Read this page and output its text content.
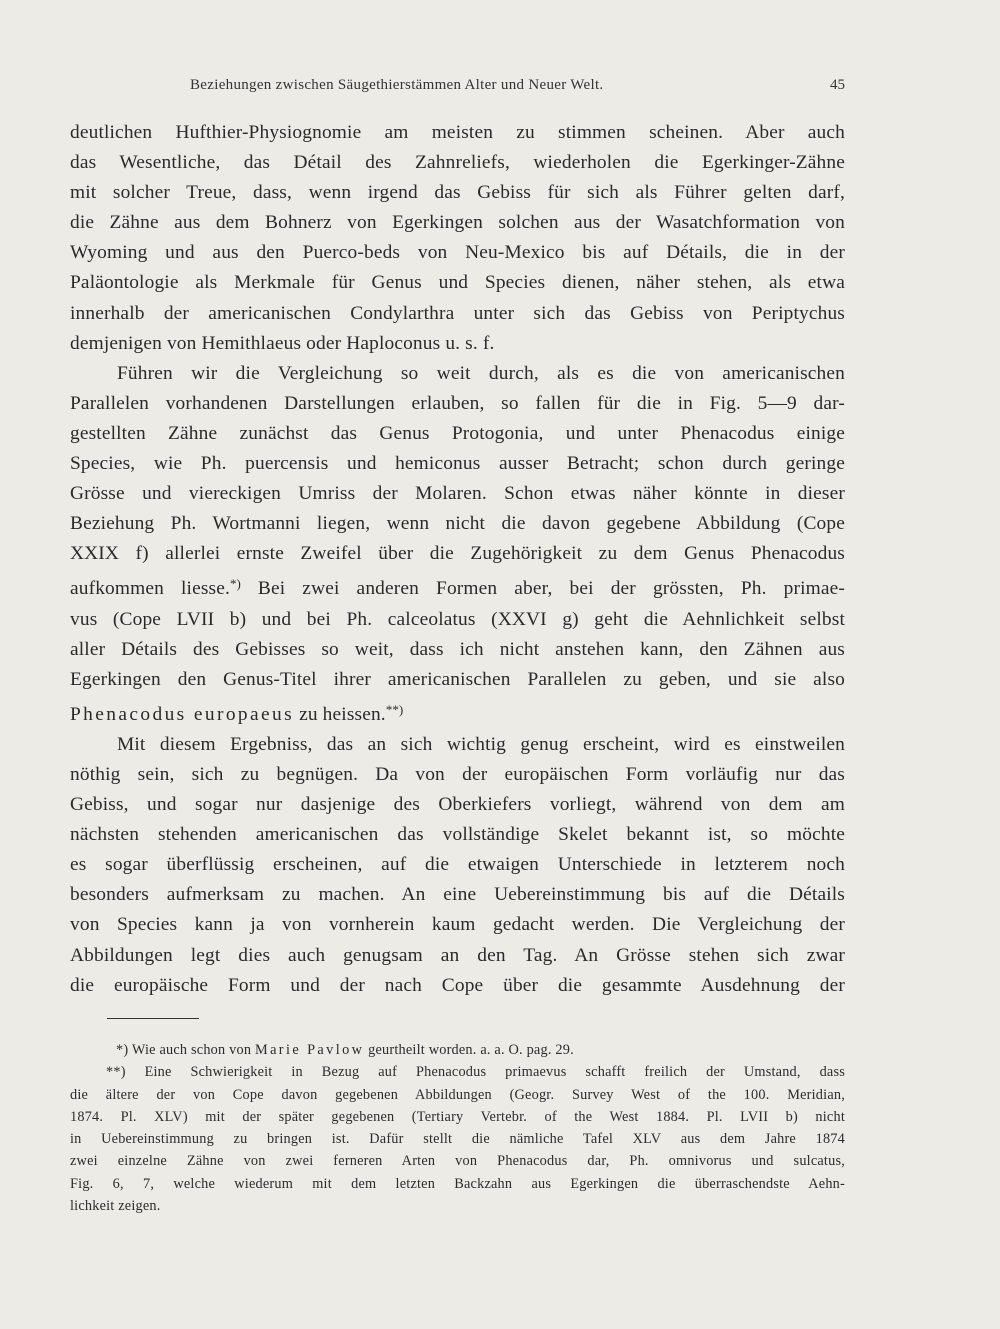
Beziehungen zwischen Säugethierstämmen Alter und Neuer Welt.	45
deutlichen Hufthier-Physiognomie am meisten zu stimmen scheinen. Aber auch
das Wesentliche, das Détail des Zahnreliefs, wiederholen die Egerkinger-Zähne
mit solcher Treue, dass, wenn irgend das Gebiss für sich als Führer gelten darf,
die Zähne aus dem Bohnerz von Egerkingen solchen aus der Wasatchformation von
Wyoming und aus den Puerco-beds von Neu-Mexico bis auf Détails, die in der
Paläontologie als Merkmale für Genus und Species dienen, näher stehen, als etwa
innerhalb der americanischen Condylarthra unter sich das Gebiss von Periptychus
demjenigen von Hemithlaeus oder Haploconus u. s. f.
Führen wir die Vergleichung so weit durch, als es die von americanischen
Parallelen vorhandenen Darstellungen erlauben, so fallen für die in Fig. 5—9 dar-
gestellten Zähne zunächst das Genus Protogonia, und unter Phenacodus einige
Species, wie Ph. puercensis und hemiconus ausser Betracht; schon durch geringe
Grösse und viereckigen Umriss der Molaren. Schon etwas näher könnte in dieser
Beziehung Ph. Wortmanni liegen, wenn nicht die davon gegebene Abbildung (Cope
XXIX f) allerlei ernste Zweifel über die Zugehörigkeit zu dem Genus Phenacodus
aufkommen liesse.*) Bei zwei anderen Formen aber, bei der grössten, Ph. primae-
vus (Cope LVII b) und bei Ph. calceolatus (XXVI g) geht die Aehnlichkeit selbst
aller Détails des Gebisses so weit, dass ich nicht anstehen kann, den Zähnen aus
Egerkingen den Genus-Titel ihrer americanischen Parallelen zu geben, und sie also
Phenacodus europaeus zu heissen.**)
Mit diesem Ergebniss, das an sich wichtig genug erscheint, wird es einstweilen
nöthig sein, sich zu begnügen. Da von der europäischen Form vorläufig nur das
Gebiss, und sogar nur dasjenige des Oberkiefers vorliegt, während von dem am
nächsten stehenden americanischen das vollständige Skelet bekannt ist, so möchte
es sogar überflüssig erscheinen, auf die etwaigen Unterschiede in letzterem noch
besonders aufmerksam zu machen. An eine Uebereinstimmung bis auf die Détails
von Species kann ja von vornherein kaum gedacht werden. Die Vergleichung der
Abbildungen legt dies auch genugsam an den Tag. An Grösse stehen sich zwar
die europäische Form und der nach Cope über die gesammte Ausdehnung der
*) Wie auch schon von Marie Pavlow geurtheilt worden. a. a. O. pag. 29.
**) Eine Schwierigkeit in Bezug auf Phenacodus primaevus schafft freilich der Umstand, dass
die ältere der von Cope davon gegebenen Abbildungen (Geogr. Survey West of the 100. Meridian,
1874. Pl. XLV) mit der später gegebenen (Tertiary Vertebr. of the West 1884. Pl. LVII b) nicht
in Uebereinstimmung zu bringen ist. Dafür stellt die nämliche Tafel XLV aus dem Jahre 1874
zwei einzelne Zähne von zwei ferneren Arten von Phenacodus dar, Ph. omnivorus und sulcatus,
Fig. 6, 7, welche wiederum mit dem letzten Backzahn aus Egerkingen die überraschendste Aehn-
lichkeit zeigen.
